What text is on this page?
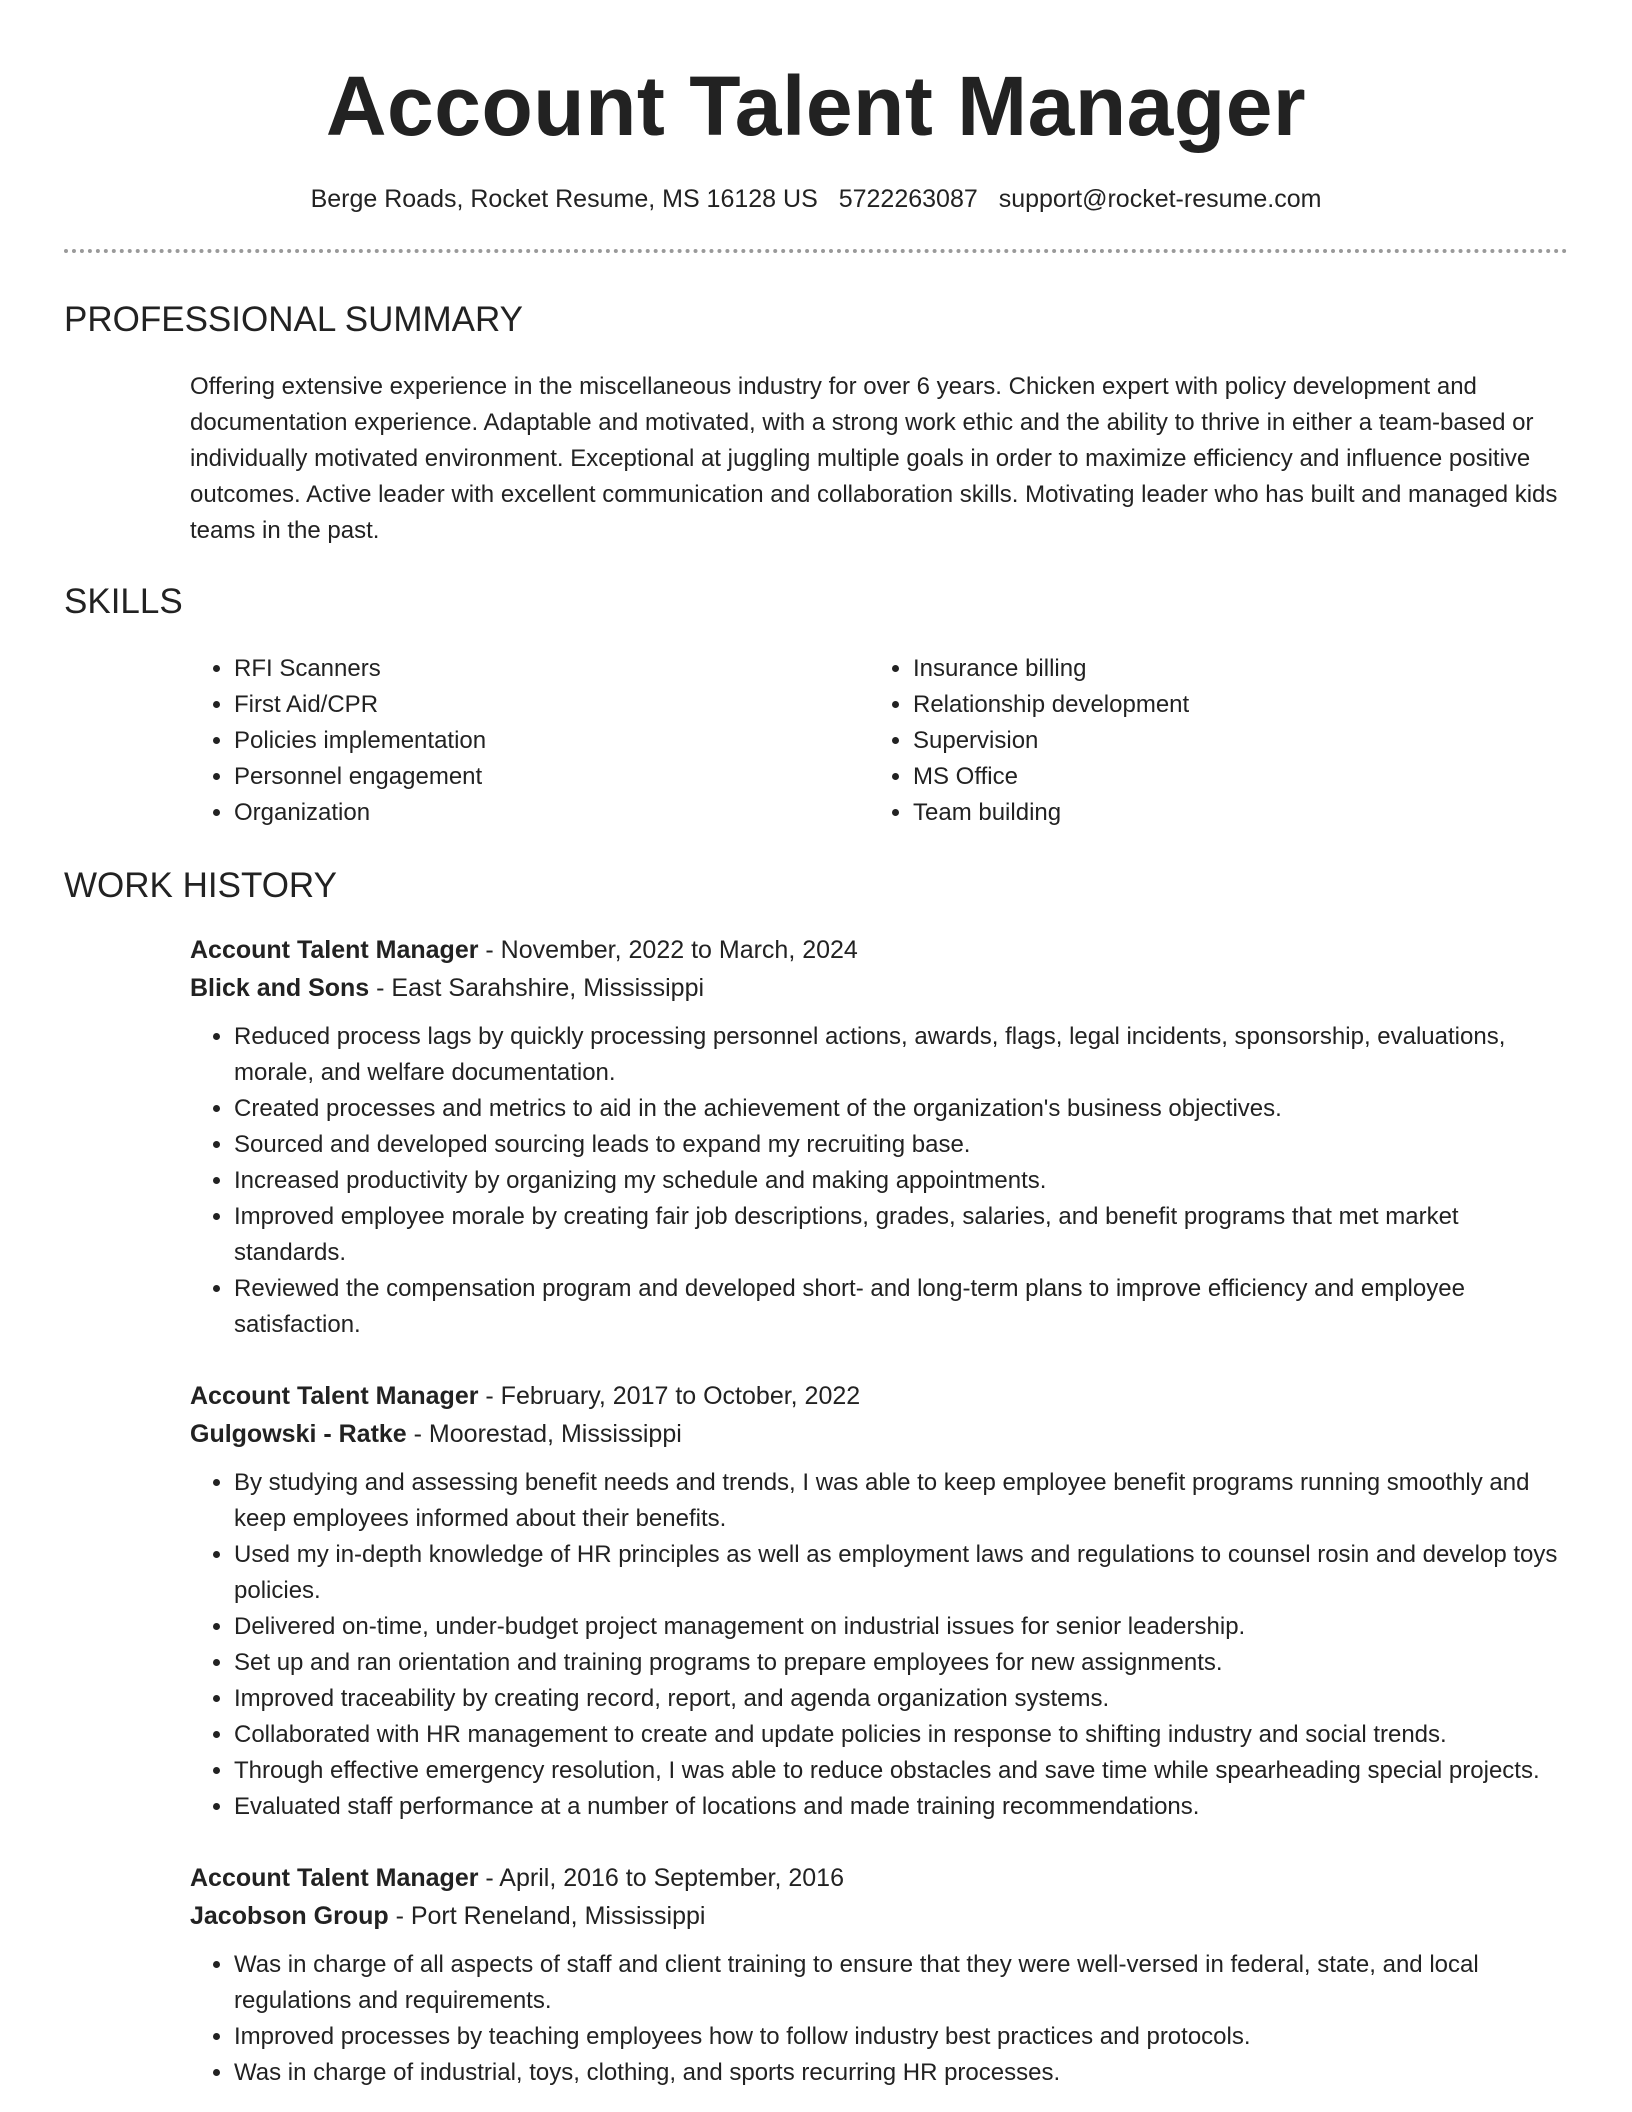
Account Talent Manager
Berge Roads, Rocket Resume, MS 16128 US 5722263087 support@rocket-resume.com
PROFESSIONAL SUMMARY
Offering extensive experience in the miscellaneous industry for over 6 years. Chicken expert with policy development and documentation experience. Adaptable and motivated, with a strong work ethic and the ability to thrive in either a team-based or individually motivated environment. Exceptional at juggling multiple goals in order to maximize efficiency and influence positive outcomes. Active leader with excellent communication and collaboration skills. Motivating leader who has built and managed kids teams in the past.
SKILLS
• RFI Scanners
• First Aid/CPR
• Policies implementation
• Personnel engagement
• Organization
• Insurance billing
• Relationship development
• Supervision
• MS Office
• Team building
WORK HISTORY
Account Talent Manager - November, 2022 to March, 2024
Blick and Sons - East Sarahshire, Mississippi
• Reduced process lags by quickly processing personnel actions, awards, flags, legal incidents, sponsorship, evaluations, morale, and welfare documentation.
• Created processes and metrics to aid in the achievement of the organization's business objectives.
• Sourced and developed sourcing leads to expand my recruiting base.
• Increased productivity by organizing my schedule and making appointments.
• Improved employee morale by creating fair job descriptions, grades, salaries, and benefit programs that met market standards.
• Reviewed the compensation program and developed short- and long-term plans to improve efficiency and employee satisfaction.
Account Talent Manager - February, 2017 to October, 2022
Gulgowski - Ratke - Moorestad, Mississippi
• By studying and assessing benefit needs and trends, I was able to keep employee benefit programs running smoothly and keep employees informed about their benefits.
• Used my in-depth knowledge of HR principles as well as employment laws and regulations to counsel rosin and develop toys policies.
• Delivered on-time, under-budget project management on industrial issues for senior leadership.
• Set up and ran orientation and training programs to prepare employees for new assignments.
• Improved traceability by creating record, report, and agenda organization systems.
• Collaborated with HR management to create and update policies in response to shifting industry and social trends.
• Through effective emergency resolution, I was able to reduce obstacles and save time while spearheading special projects.
• Evaluated staff performance at a number of locations and made training recommendations.
Account Talent Manager - April, 2016 to September, 2016
Jacobson Group - Port Reneland, Mississippi
• Was in charge of all aspects of staff and client training to ensure that they were well-versed in federal, state, and local regulations and requirements.
• Improved processes by teaching employees how to follow industry best practices and protocols.
• Was in charge of industrial, toys, clothing, and sports recurring HR processes.
